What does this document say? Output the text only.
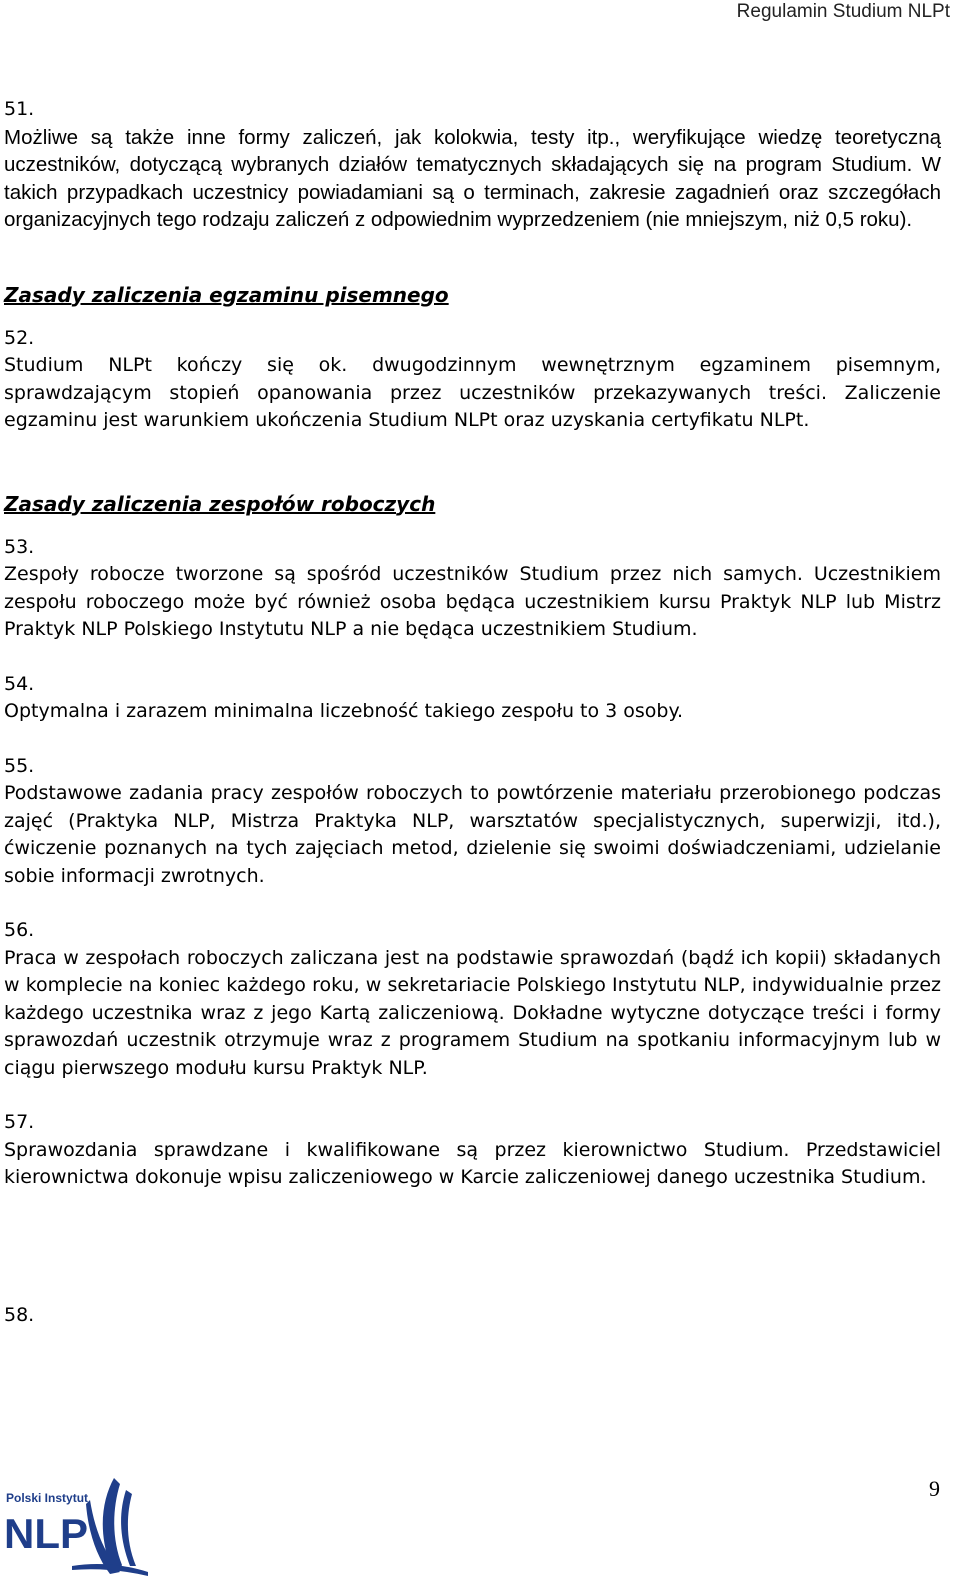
Regulamin Studium NLPt
51.

Możliwe są także inne formy zaliczeń, jak kolokwia, testy itp., weryfikujące wiedzę teoretyczną uczestników, dotyczącą wybranych działów tematycznych składających się na program Studium. W takich przypadkach uczestnicy powiadamiani są o terminach, zakresie zagadnień oraz szczegółach organizacyjnych tego rodzaju zaliczeń z odpowiednim wyprzedzeniem (nie mniejszym, niż 0,5 roku).

Zasady zaliczenia egzaminu pisemnego
52.

Studium NLPt kończy się ok. dwugodzinnym wewnętrznym egzaminem pisemnym, sprawdzającym stopień opanowania przez uczestników przekazywanych treści. Zaliczenie egzaminu jest warunkiem ukończenia Studium NLPt oraz uzyskania certyfikatu NLPt.

Zasady zaliczenia zespołów roboczych
53.

Zespoły robocze tworzone są spośród uczestników Studium przez nich samych. Uczestnikiem zespołu roboczego może być również osoba będąca uczestnikiem kursu Praktyk NLP lub Mistrz Praktyk NLP Polskiego Instytutu NLP a nie będąca uczestnikiem Studium.

54.

Optymalna i zarazem minimalna liczebność takiego zespołu to 3 osoby.

55.

Podstawowe zadania pracy zespołów roboczych to powtórzenie materiału przerobionego podczas zajęć (Praktyka NLP, Mistrza Praktyka NLP, warsztatów specjalistycznych, superwizji, itd.), ćwiczenie poznanych na tych zajęciach metod, dzielenie się swoimi doświadczeniami, udzielanie sobie informacji zwrotnych.

56.

Praca w zespołach roboczych zaliczana jest na podstawie sprawozdań (bądź ich kopii) składanych w komplecie na koniec każdego roku, w sekretariacie Polskiego Instytutu NLP, indywidualnie przez każdego uczestnika wraz z jego Kartą zaliczeniową. Dokładne wytyczne dotyczące treści i formy sprawozdań uczestnik otrzymuje wraz z programem Studium na spotkaniu informacyjnym lub w ciągu pierwszego modułu kursu Praktyk NLP.

57.

Sprawozdania sprawdzane i kwalifikowane są przez kierownictwo Studium. Przedstawiciel kierownictwa dokonuje wpisu zaliczeniowego w Karcie zaliczeniowej danego uczestnika Studium.

58.
9
Polski Instytut
NLP
